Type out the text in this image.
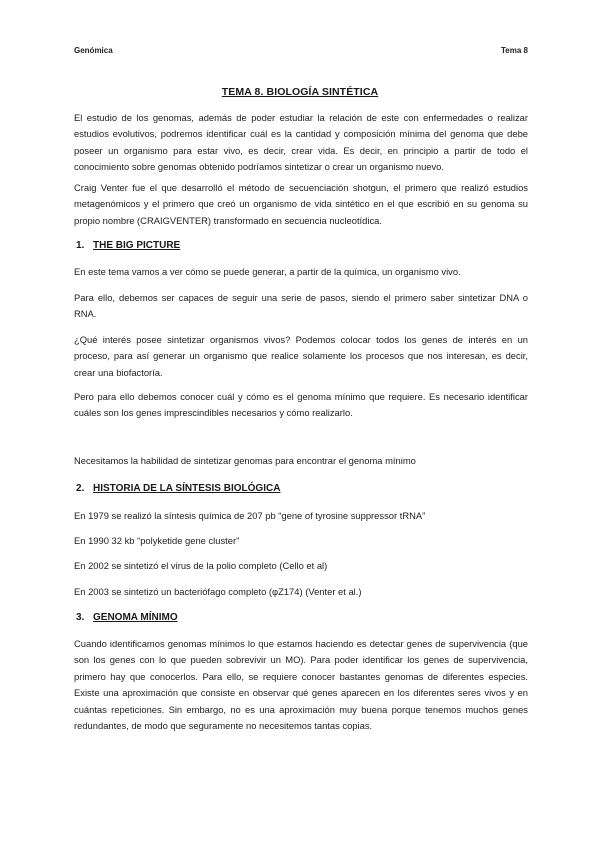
Genómica	Tema 8
TEMA 8. BIOLOGÍA SINTÉTICA

El estudio de los genomas, además de poder estudiar la relación de este con enfermedades o realizar estudios evolutivos, podremos identificar cuál es la cantidad y composición mínima del genoma que debe poseer un organismo para estar vivo, es decir, crear vida. Es decir, en principio a partir de todo el conocimiento sobre genomas obtenido podríamos sintetizar o crear un organismo nuevo.

Craig Venter fue el que desarrolló el método de secuenciación shotgun, el primero que realizó estudios metagenómicos y el primero que creó un organismo de vida sintético en el que escribió en su genoma su propio nombre (CRAIGVENTER) transformado en secuencia nucleotídica.

1. THE BIG PICTURE

En este tema vamos a ver cómo se puede generar, a partir de la química, un organismo vivo.

Para ello, debemos ser capaces de seguir una serie de pasos, siendo el primero saber sintetizar DNA o RNA.

¿Qué interés posee sintetizar organismos vivos? Podemos colocar todos los genes de interés en un proceso, para así generar un organismo que realice solamente los procesos que nos interesan, es decir, crear una biofactoría.

Pero para ello debemos conocer cuál y cómo es el genoma mínimo que requiere. Es necesario identificar cuáles son los genes imprescindibles necesarios y cómo realizarlo.

Necesitamos la habilidad de sintetizar genomas para encontrar el genoma mínimo

2. HISTORIA DE LA SÍNTESIS BIOLÓGICA

En 1979 se realizó la síntesis química de 207 pb “gene of tyrosine suppressor tRNA”

En 1990 32 kb “polyketide gene cluster”

En 2002 se sintetizó el virus de la polio completo (Cello et al)

En 2003 se sintetizó un bacteriófago completo (φZ174) (Venter et al.)

3. GENOMA MÍNIMO

Cuando identificamos genomas mínimos lo que estamos haciendo es detectar genes de supervivencia (que son los genes con lo que pueden sobrevivir un MO). Para poder identificar los genes de supervivencia, primero hay que conocerlos. Para ello, se requiere conocer bastantes genomas de diferentes especies. Existe una aproximación que consiste en observar qué genes aparecen en los diferentes seres vivos y en cuántas repeticiones. Sin embargo, no es una aproximación muy buena porque tenemos muchos genes redundantes, de modo que seguramente no necesitemos tantas copias.
